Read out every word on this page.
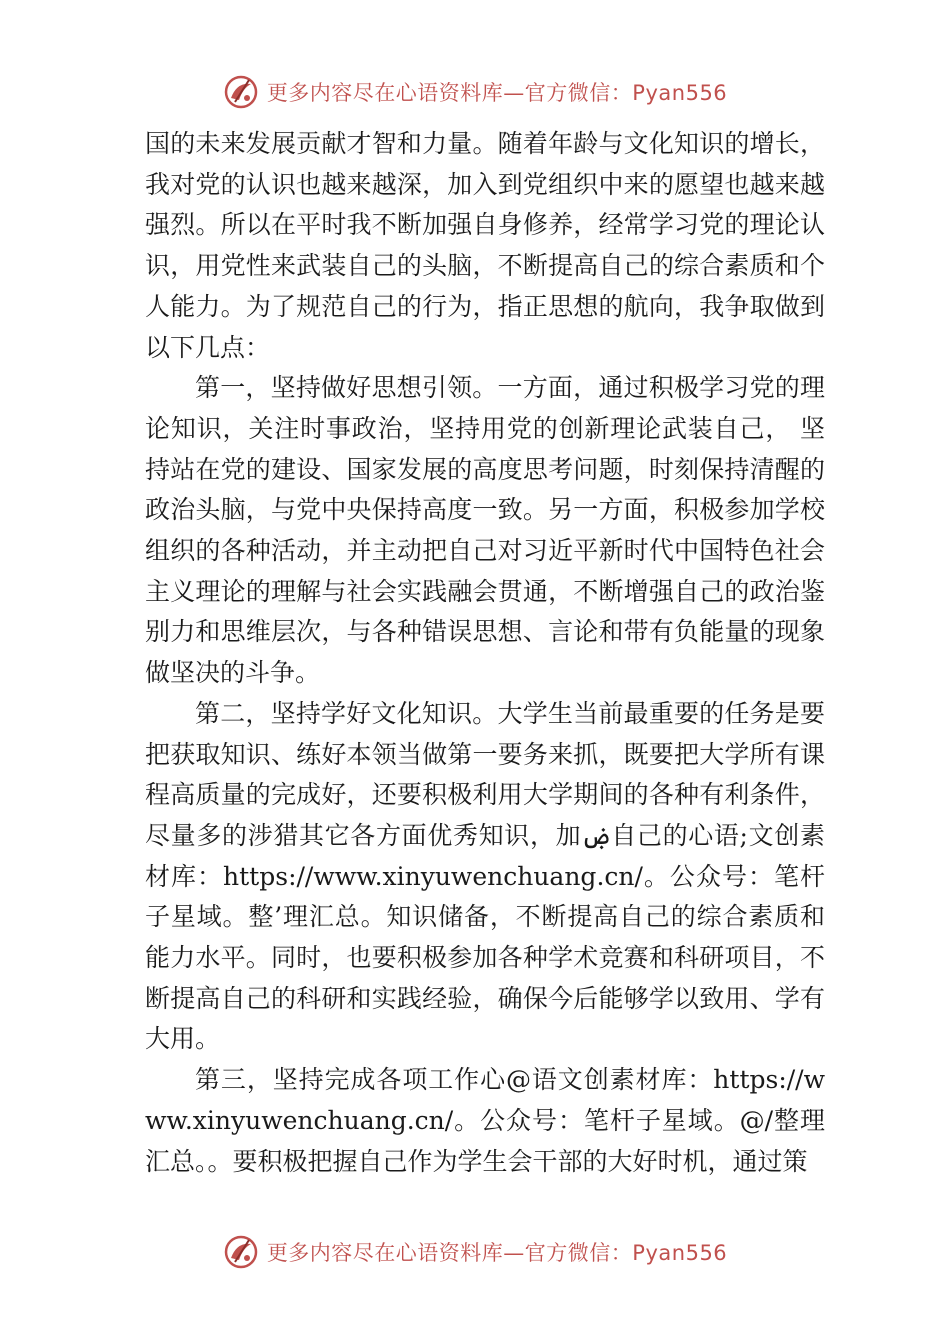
更多内容尽在心语资料库—官方微信：Pyan556

国的未来发展贡献才智和力量。随着年龄与文化知识的增长，我对党的认识也越来越深，加入到党组织中来的愿望也越来越强烈。所以在平时我不断加强自身修养，经常学习党的理论认识，用党性来武装自己的头脑，不断提高自己的综合素质和个人能力。为了规范自己的行为，指正思想的航向，我争取做到以下几点：

第一，坚持做好思想引领。一方面，通过积极学习党的理论知识，关注时事政治，坚持用党的创新理论武装自己， 坚持站在党的建设、国家发展的高度思考问题，时刻保持清醒的政治头脑，与党中央保持高度一致。另一方面，积极参加学校组织的各种活动，并主动把自己对习近平新时代中国特色社会主义理论的理解与社会实践融会贯通，不断增强自己的政治鉴别力和思维层次，与各种错误思想、言论和带有负能量的现象做坚决的斗争。

第二，坚持学好文化知识。大学生当前最重要的任务是要把获取知识、练好本领当做第一要务来抓，既要把大学所有课程高质量的完成好，还要积极利用大学期间的各种有利条件，尽量多的涉猎其它各方面优秀知识，加ۻ自己的心语;文创素材库：https://www.xinyuwenchuang.cn/。公众号：笔杆子星域。整’理汇总。知识储备，不断提高自己的综合素质和能力水平。同时，也要积极参加各种学术竞赛和科研项目，不断提高自己的科研和实践经验，确保今后能够学以致用、学有大用。

第三，坚持完成各项工作心@语文创素材库：https://www.xinyuwenchuang.cn/。公众号：笔杆子星域。@/整理汇总。。要积极把握自己作为学生会干部的大好时机，通过策

更多内容尽在心语资料库—官方微信：Pyan556
